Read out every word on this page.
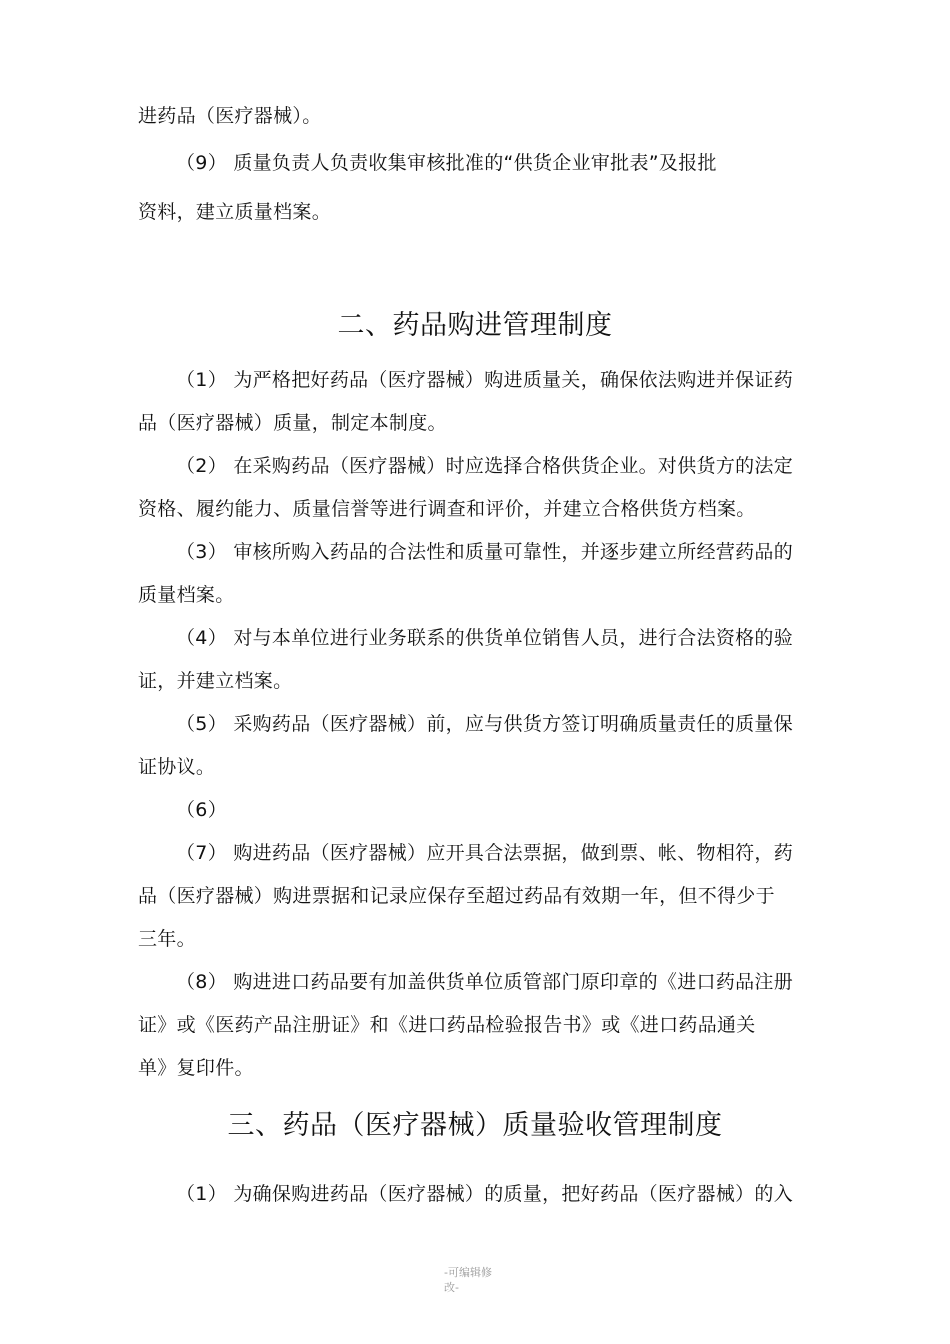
进药品（医疗器械）。
（9） 质量负责人负责收集审核批准的“供货企业审批表”及报批
资料，建立质量档案。
二、药品购进管理制度
（1） 为严格把好药品（医疗器械）购进质量关，确保依法购进并保证药
品（医疗器械）质量，制定本制度。
（2） 在采购药品（医疗器械）时应选择合格供货企业。对供货方的法定
资格、履约能力、质量信誉等进行调查和评价，并建立合格供货方档案。
（3） 审核所购入药品的合法性和质量可靠性，并逐步建立所经营药品的
质量档案。
（4） 对与本单位进行业务联系的供货单位销售人员，进行合法资格的验
证，并建立档案。
（5） 采购药品（医疗器械）前，应与供货方签订明确质量责任的质量保
证协议。
（6）
（7） 购进药品（医疗器械）应开具合法票据，做到票、帐、物相符，药
品（医疗器械）购进票据和记录应保存至超过药品有效期一年，但不得少于
三年。
（8） 购进进口药品要有加盖供货单位质管部门原印章的《进口药品注册
证》或《医药产品注册证》和《进口药品检验报告书》或《进口药品通关
单》复印件。
三、药品（医疗器械）质量验收管理制度
（1） 为确保购进药品（医疗器械）的质量，把好药品（医疗器械）的入
-可编辑修
改-
